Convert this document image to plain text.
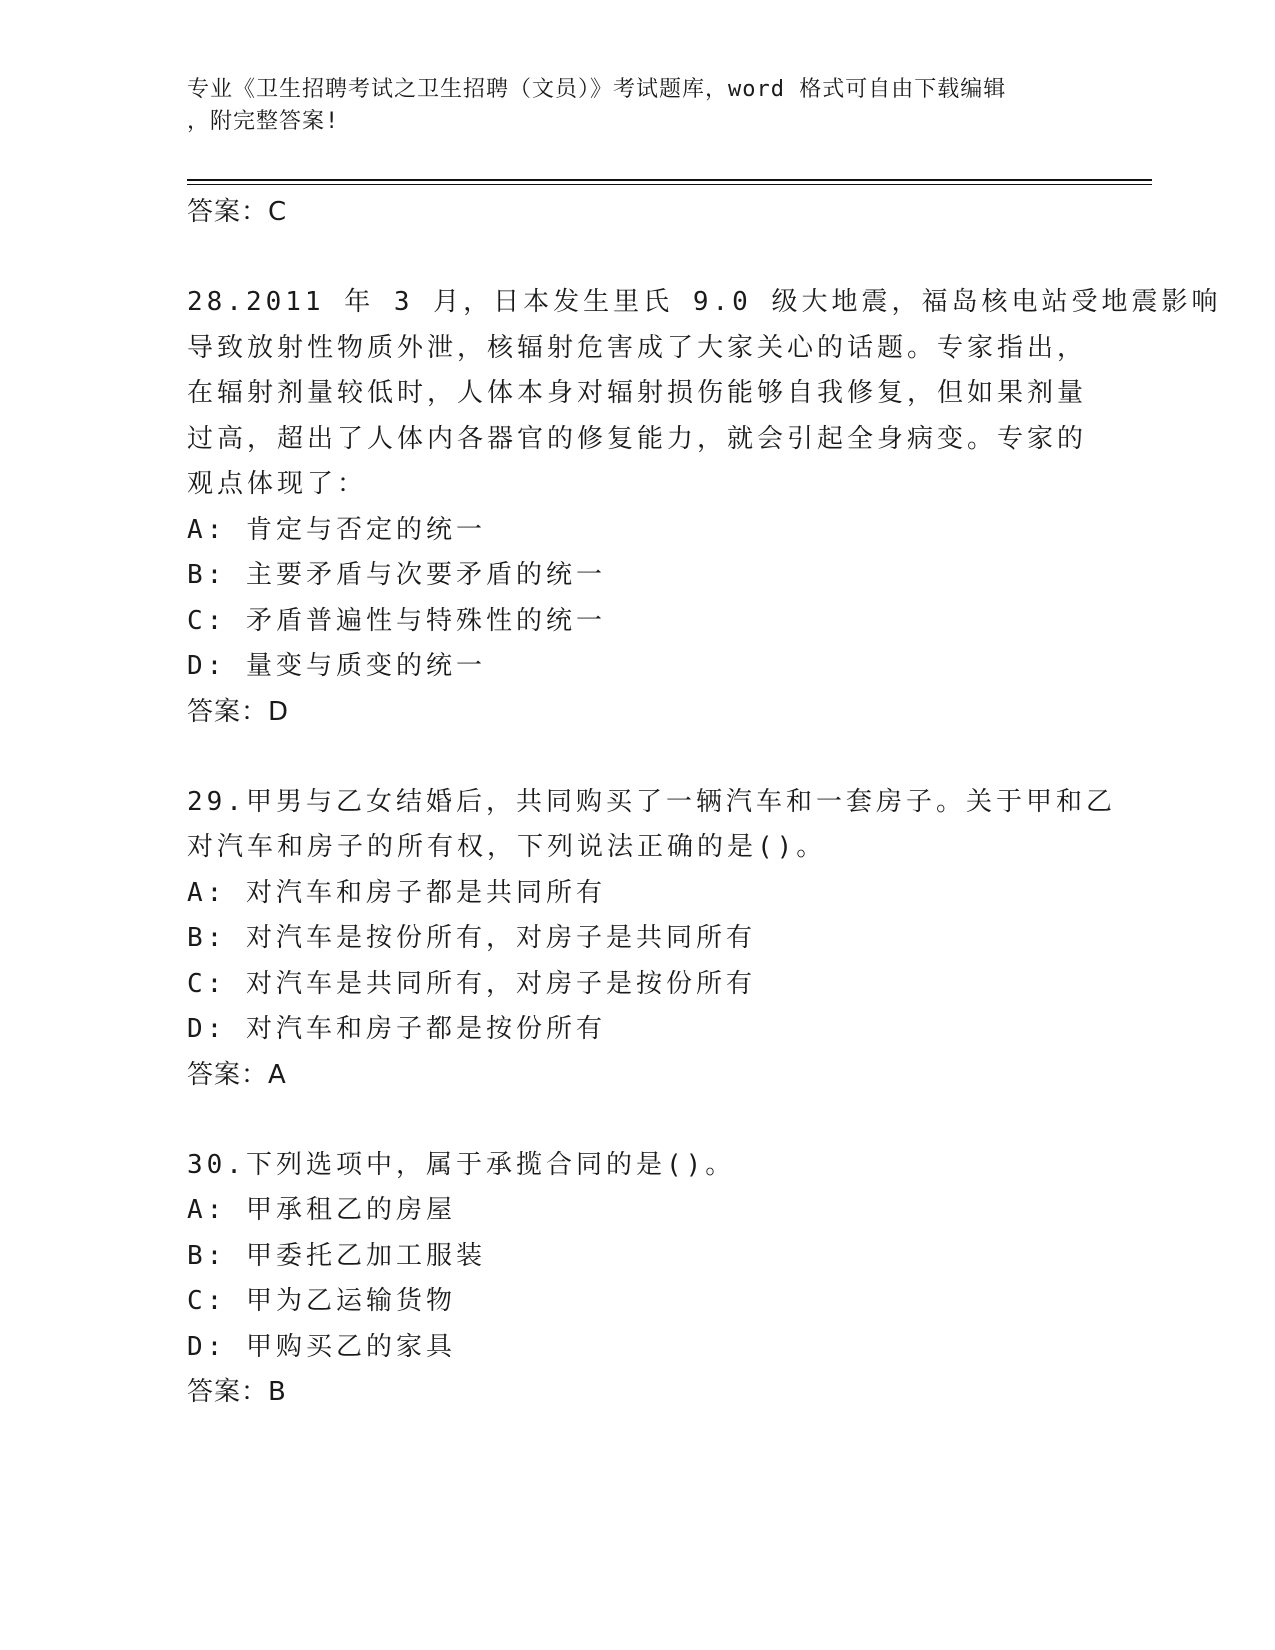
专业《卫生招聘考试之卫生招聘（文员）》考试题库，word 格式可自由下载编辑
，附完整答案!
答案：C
28.2011 年 3 月，日本发生里氏 9.0 级大地震，福岛核电站受地震影响
导致放射性物质外泄，核辐射危害成了大家关心的话题。专家指出，
在辐射剂量较低时，人体本身对辐射损伤能够自我修复，但如果剂量
过高，超出了人体内各器官的修复能力，就会引起全身病变。专家的
观点体现了：
A: 肯定与否定的统一
B: 主要矛盾与次要矛盾的统一
C: 矛盾普遍性与特殊性的统一
D: 量变与质变的统一
答案：D
29.甲男与乙女结婚后，共同购买了一辆汽车和一套房子。关于甲和乙
对汽车和房子的所有权，下列说法正确的是()。
A: 对汽车和房子都是共同所有
B: 对汽车是按份所有，对房子是共同所有
C: 对汽车是共同所有，对房子是按份所有
D: 对汽车和房子都是按份所有
答案：A
30.下列选项中，属于承揽合同的是()。
A: 甲承租乙的房屋
B: 甲委托乙加工服装
C: 甲为乙运输货物
D: 甲购买乙的家具
答案：B
